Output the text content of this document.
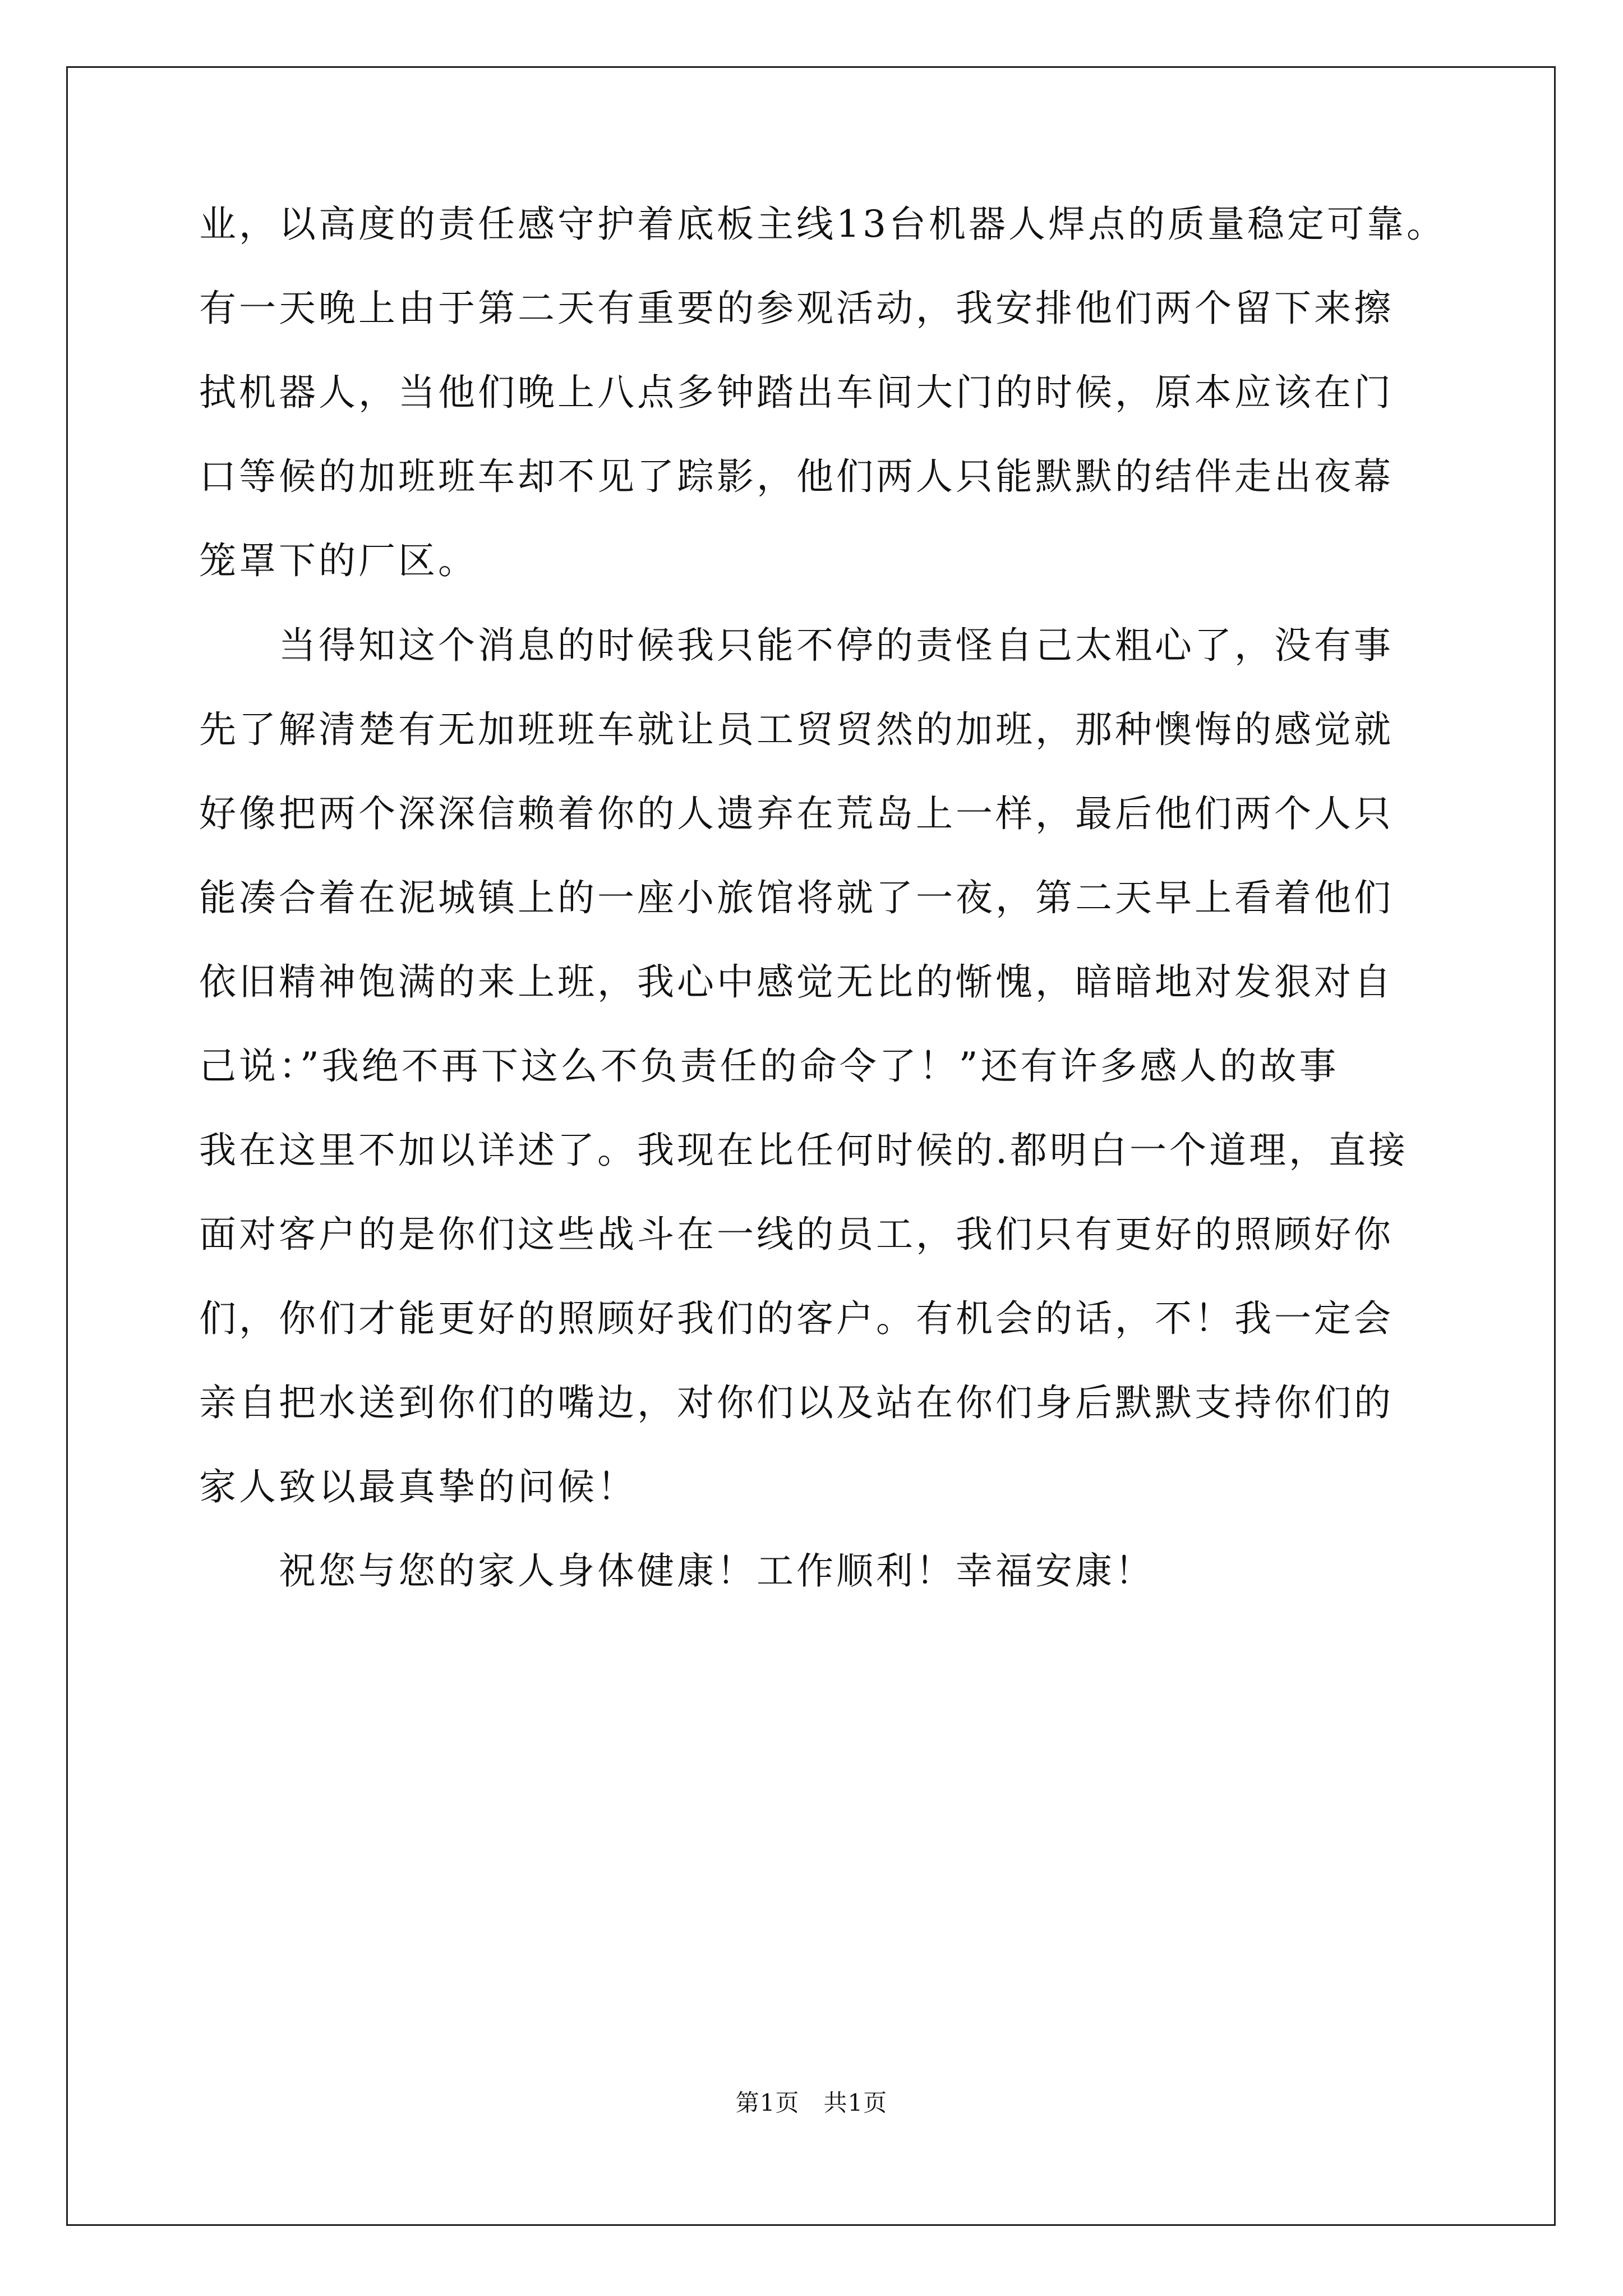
业，以高度的责任感守护着底板主线13台机器人焊点的质量稳定可靠。
有一天晚上由于第二天有重要的参观活动，我安排他们两个留下来擦
拭机器人，当他们晚上八点多钟踏出车间大门的时候，原本应该在门
口等候的加班班车却不见了踪影，他们两人只能默默的结伴走出夜幕
笼罩下的厂区。
　　当得知这个消息的时候我只能不停的责怪自己太粗心了，没有事
先了解清楚有无加班班车就让员工贸贸然的加班，那种懊悔的感觉就
好像把两个深深信赖着你的人遗弃在荒岛上一样，最后他们两个人只
能凑合着在泥城镇上的一座小旅馆将就了一夜，第二天早上看着他们
依旧精神饱满的来上班，我心中感觉无比的惭愧，暗暗地对发狠对自
己说：”我绝不再下这么不负责任的命令了！”还有许多感人的故事
我在这里不加以详述了。我现在比任何时候的.都明白一个道理，直接
面对客户的是你们这些战斗在一线的员工，我们只有更好的照顾好你
们，你们才能更好的照顾好我们的客户。有机会的话，不！我一定会
亲自把水送到你们的嘴边，对你们以及站在你们身后默默支持你们的
家人致以最真挚的问候！
　　祝您与您的家人身体健康！工作顺利！幸福安康！
第1页　共1页
